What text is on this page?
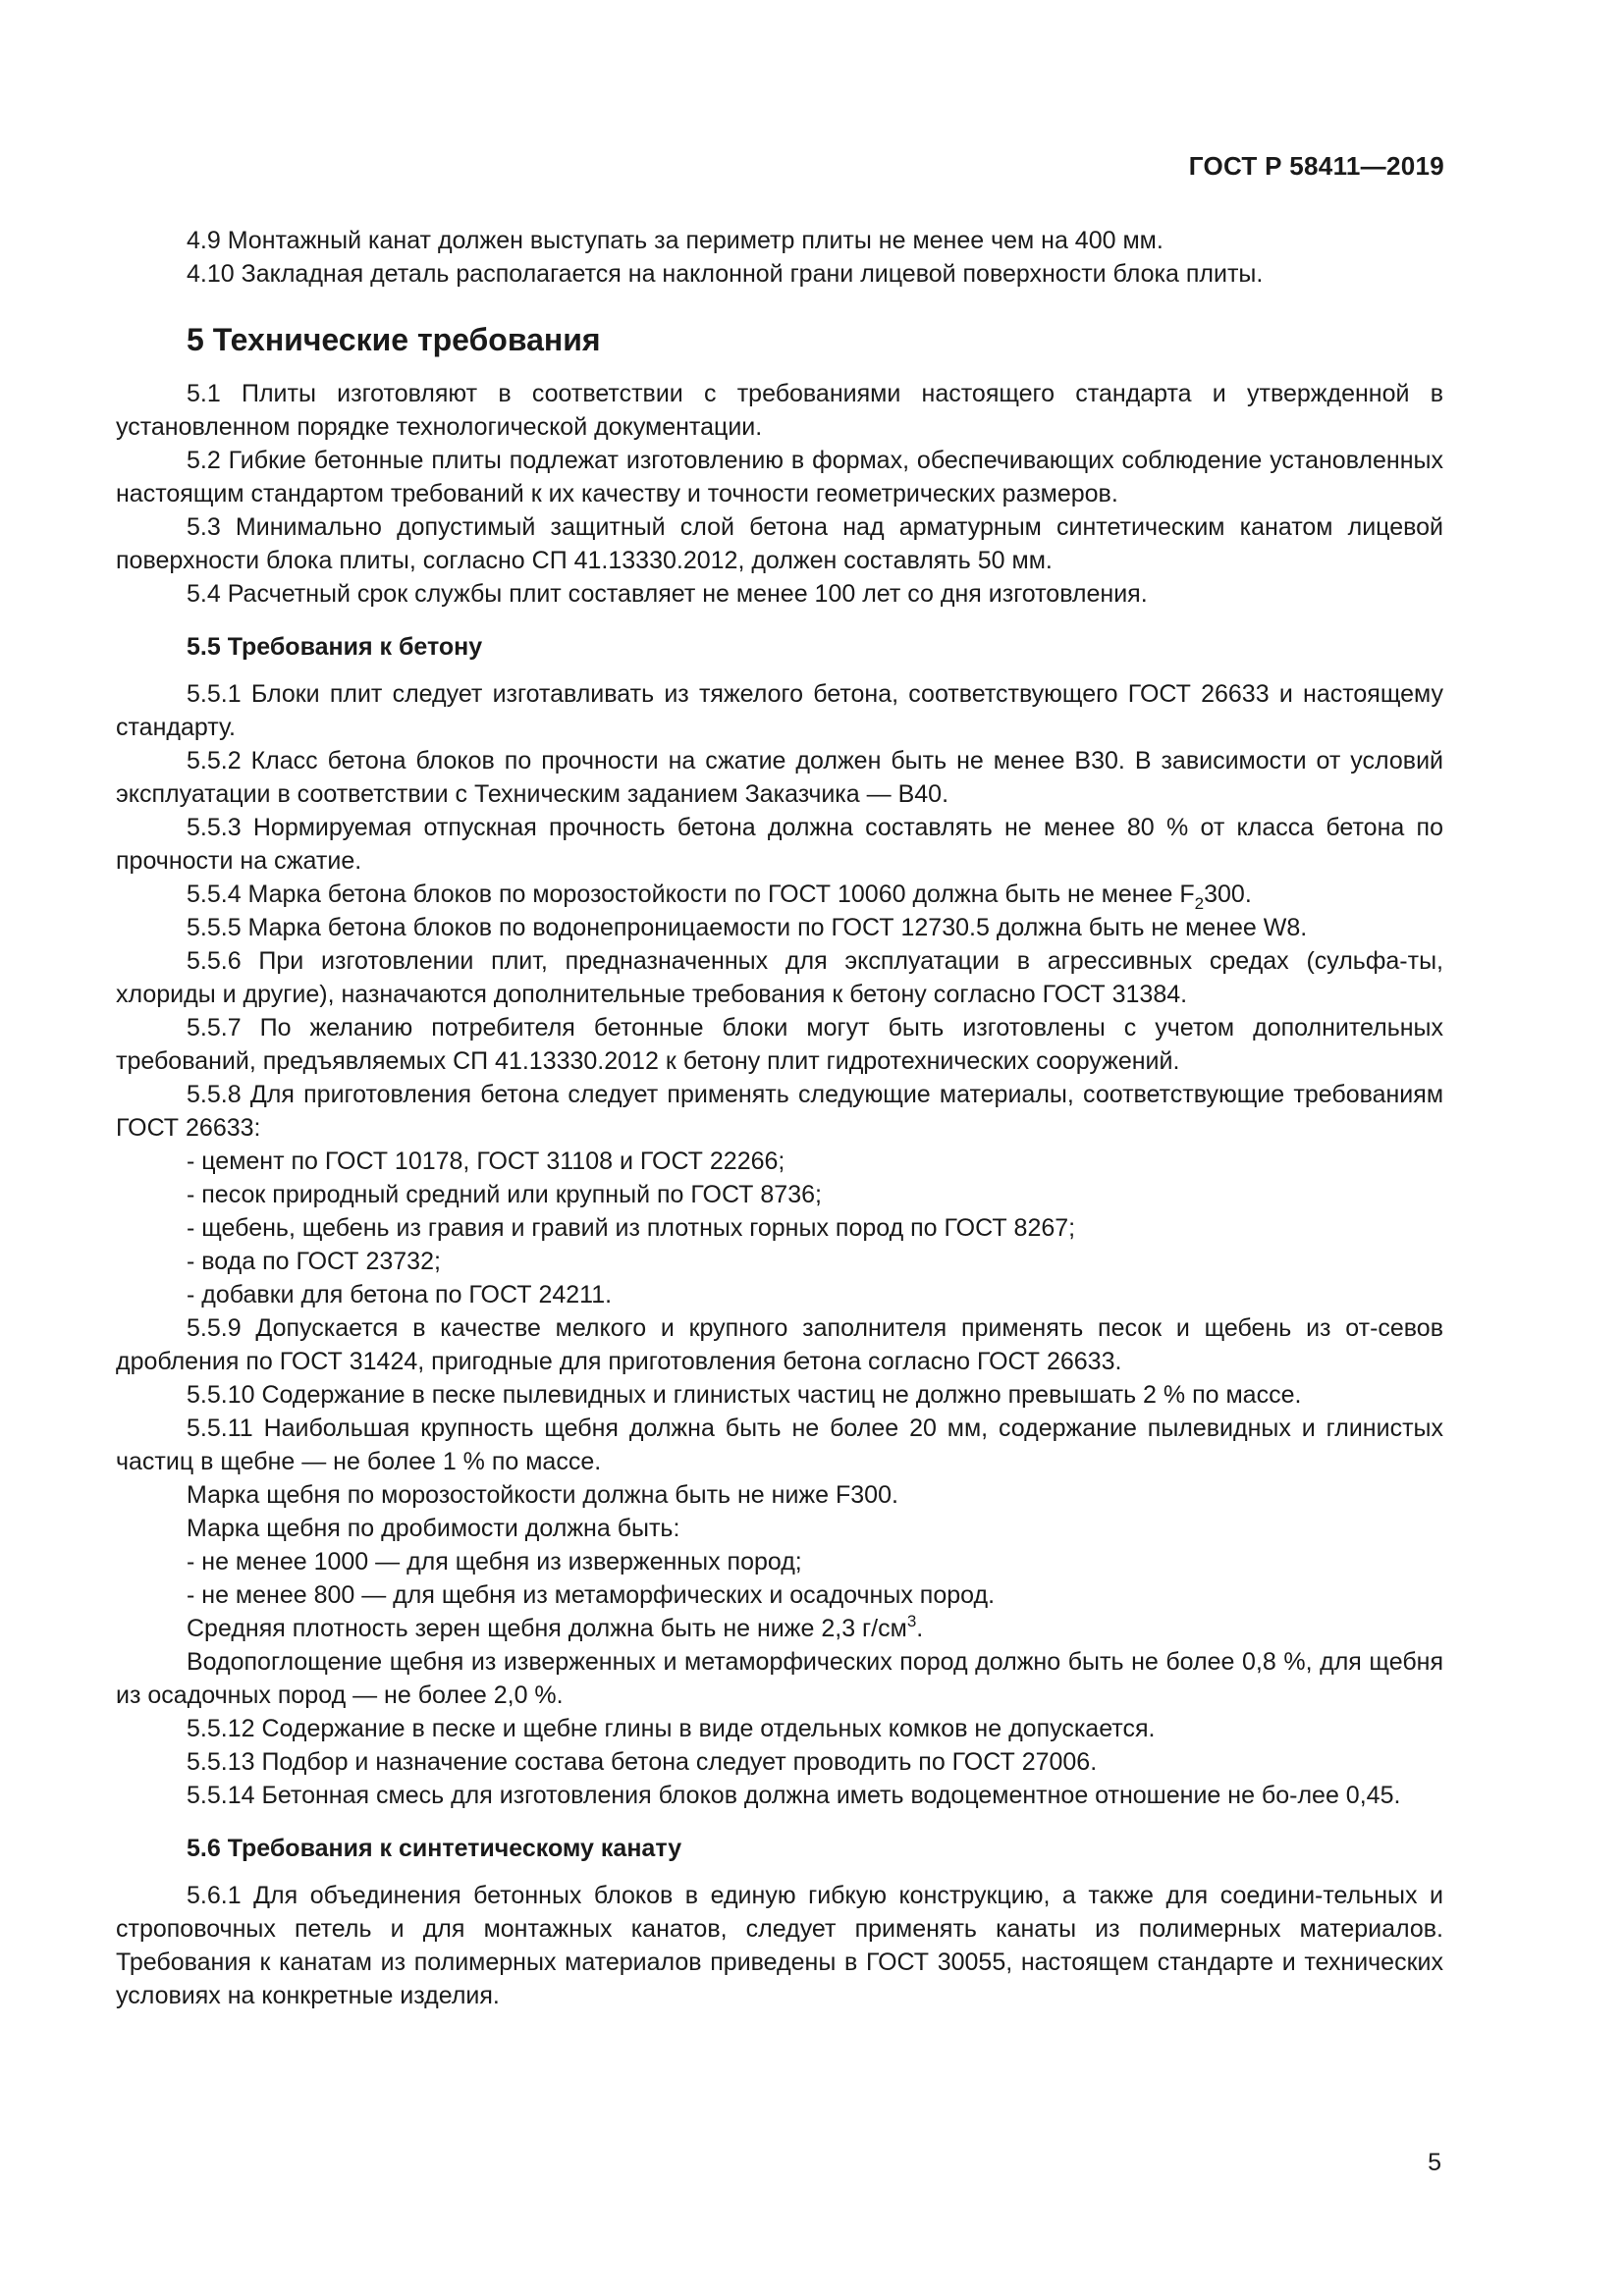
ГОСТ Р 58411—2019

4.9 Монтажный канат должен выступать за периметр плиты не менее чем на 400 мм.

4.10 Закладная деталь располагается на наклонной грани лицевой поверхности блока плиты.

5 Технические требования

5.1 Плиты изготовляют в соответствии с требованиями настоящего стандарта и утвержденной в установленном порядке технологической документации.

5.2 Гибкие бетонные плиты подлежат изготовлению в формах, обеспечивающих соблюдение установленных настоящим стандартом требований к их качеству и точности геометрических размеров.

5.3 Минимально допустимый защитный слой бетона над арматурным синтетическим канатом лицевой поверхности блока плиты, согласно СП 41.13330.2012, должен составлять 50 мм.

5.4 Расчетный срок службы плит составляет не менее 100 лет со дня изготовления.

5.5 Требования к бетону

5.5.1 Блоки плит следует изготавливать из тяжелого бетона, соответствующего ГОСТ 26633 и настоящему стандарту.

5.5.2 Класс бетона блоков по прочности на сжатие должен быть не менее В30. В зависимости от условий эксплуатации в соответствии с Техническим заданием Заказчика — В40.

5.5.3 Нормируемая отпускная прочность бетона должна составлять не менее 80 % от класса бетона по прочности на сжатие.

5.5.4 Марка бетона блоков по морозостойкости по ГОСТ 10060 должна быть не менее $F_2300$.

5.5.5 Марка бетона блоков по водонепроницаемости по ГОСТ 12730.5 должна быть не менее W8.

5.5.6 При изготовлении плит, предназначенных для эксплуатации в агрессивных средах (сульфа-ты, хлориды и другие), назначаются дополнительные требования к бетону согласно ГОСТ 31384.

5.5.7 По желанию потребителя бетонные блоки могут быть изготовлены с учетом дополнительных требований, предъявляемых СП 41.13330.2012 к бетону плит гидротехнических сооружений.

5.5.8 Для приготовления бетона следует применять следующие материалы, соответствующие требованиям ГОСТ 26633:

- цемент по ГОСТ 10178, ГОСТ 31108 и ГОСТ 22266;

- песок природный средний или крупный по ГОСТ 8736;

- щебень, щебень из гравия и гравий из плотных горных пород по ГОСТ 8267;

- вода по ГОСТ 23732;

- добавки для бетона по ГОСТ 24211.

5.5.9 Допускается в качестве мелкого и крупного заполнителя применять песок и щебень из от-севов дробления по ГОСТ 31424, пригодные для приготовления бетона согласно ГОСТ 26633.

5.5.10 Содержание в песке пылевидных и глинистых частиц не должно превышать 2 % по массе.

5.5.11 Наибольшая крупность щебня должна быть не более 20 мм, содержание пылевидных и глинистых частиц в щебне — не более 1 % по массе.

Марка щебня по морозостойкости должна быть не ниже F300.

Марка щебня по дробимости должна быть:

- не менее 1000 — для щебня из изверженных пород;

- не менее 800 — для щебня из метаморфических и осадочных пород.

Средняя плотность зерен щебня должна быть не ниже 2,3 $г/см^3$.

Водопоглощение щебня из изверженных и метаморфических пород должно быть не более 0,8 %, для щебня из осадочных пород — не более 2,0 %.

5.5.12 Содержание в песке и щебне глины в виде отдельных комков не допускается.

5.5.13 Подбор и назначение состава бетона следует проводить по ГОСТ 27006.

5.5.14 Бетонная смесь для изготовления блоков должна иметь водоцементное отношение не бо-лее 0,45.

5.6 Требования к синтетическому канату

5.6.1 Для объединения бетонных блоков в единую гибкую конструкцию, а также для соедини-тельных и строповочных петель и для монтажных канатов, следует применять канаты из полимерных материалов. Требования к канатам из полимерных материалов приведены в ГОСТ 30055, настоящем стандарте и технических условиях на конкретные изделия.

5
